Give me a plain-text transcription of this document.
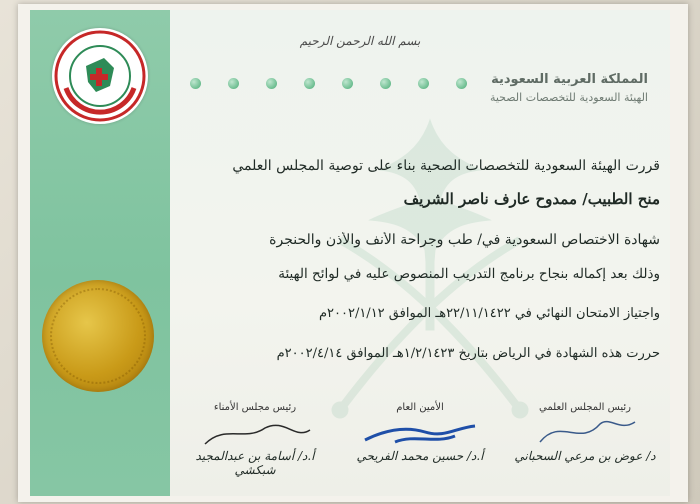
بسم الله الرحمن الرحيم
المملكة العربية السعودية
الهيئة السعودية للتخصصات الصحية
قررت الهيئة السعودية للتخصصات الصحية بناء على توصية المجلس العلمي
منح الطبيب/ ممدوح عارف ناصر الشريف
شهادة الاختصاص السعودية في/ طب وجراحة الأنف والأذن والحنجرة
وذلك بعد إكماله بنجاح برنامج التدريب المنصوص عليه في لوائح الهيئة
واجتياز الامتحان النهائي في ٢٢/١١/١٤٢٢هـ الموافق ٢٠٠٢/١/١٢م
حررت هذه الشهادة في الرياض بتاريخ ١/٢/١٤٢٣هـ الموافق ٢٠٠٢/٤/١٤م
رئيس المجلس العلمي
د/ عوض بن مرعي السحباني
الأمين العام
أ.د/ حسين محمد الفريحي
رئيس مجلس الأمناء
أ.د/ أسامة بن عبدالمجيد شبكشي
